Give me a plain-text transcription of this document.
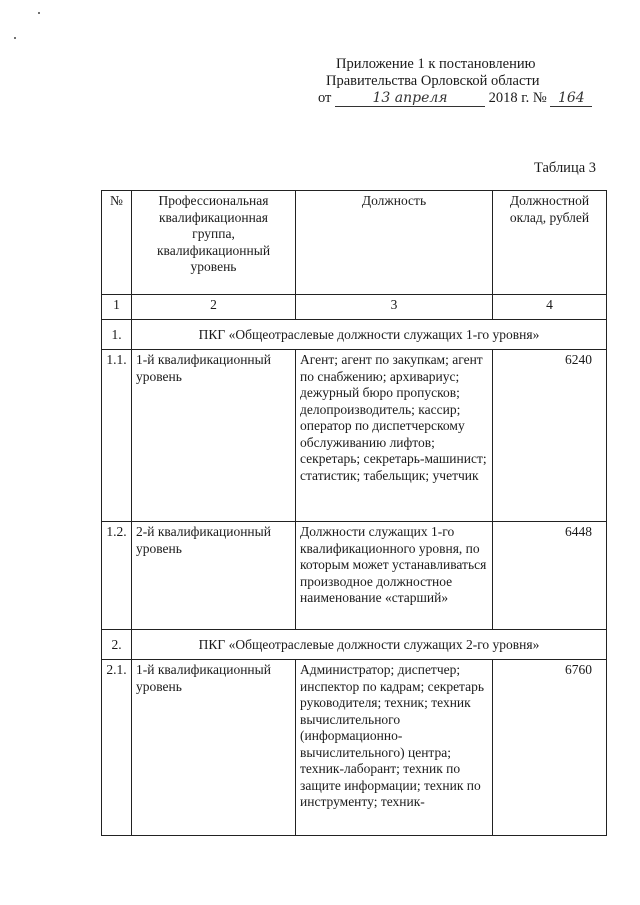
Приложение 1 к постановлению
Правительства Орловской области
от	13 апреля	2018 г. № 164
Таблица 3
№	Профессиональная квалификационная группа, квалификационный уровень	Должность	Должностной оклад, рублей
1	2	3	4
1.	ПКГ «Общеотраслевые должности служащих 1-го уровня»		
1.1.	1-й квалификационный уровень	Агент; агент по закупкам; агент по снабжению; архивариус; дежурный бюро пропусков; делопроизводитель; кассир; оператор по диспетчерскому обслуживанию лифтов; секретарь; секретарь-машинист; статистик; табельщик; учетчик	6240
1.2.	2-й квалификационный уровень	Должности служащих 1-го квалификационного уровня, по которым может устанавливаться производное должностное наименование «старший»	6448
2.	ПКГ «Общеотраслевые должности служащих 2-го уровня»		
2.1.	1-й квалификационный уровень	Администратор; диспетчер; инспектор по кадрам; секретарь руководителя; техник; техник вычислительного (информационно-вычислительного) центра; техник-лаборант; техник по защите информации; техник по инструменту; техник-	6760
